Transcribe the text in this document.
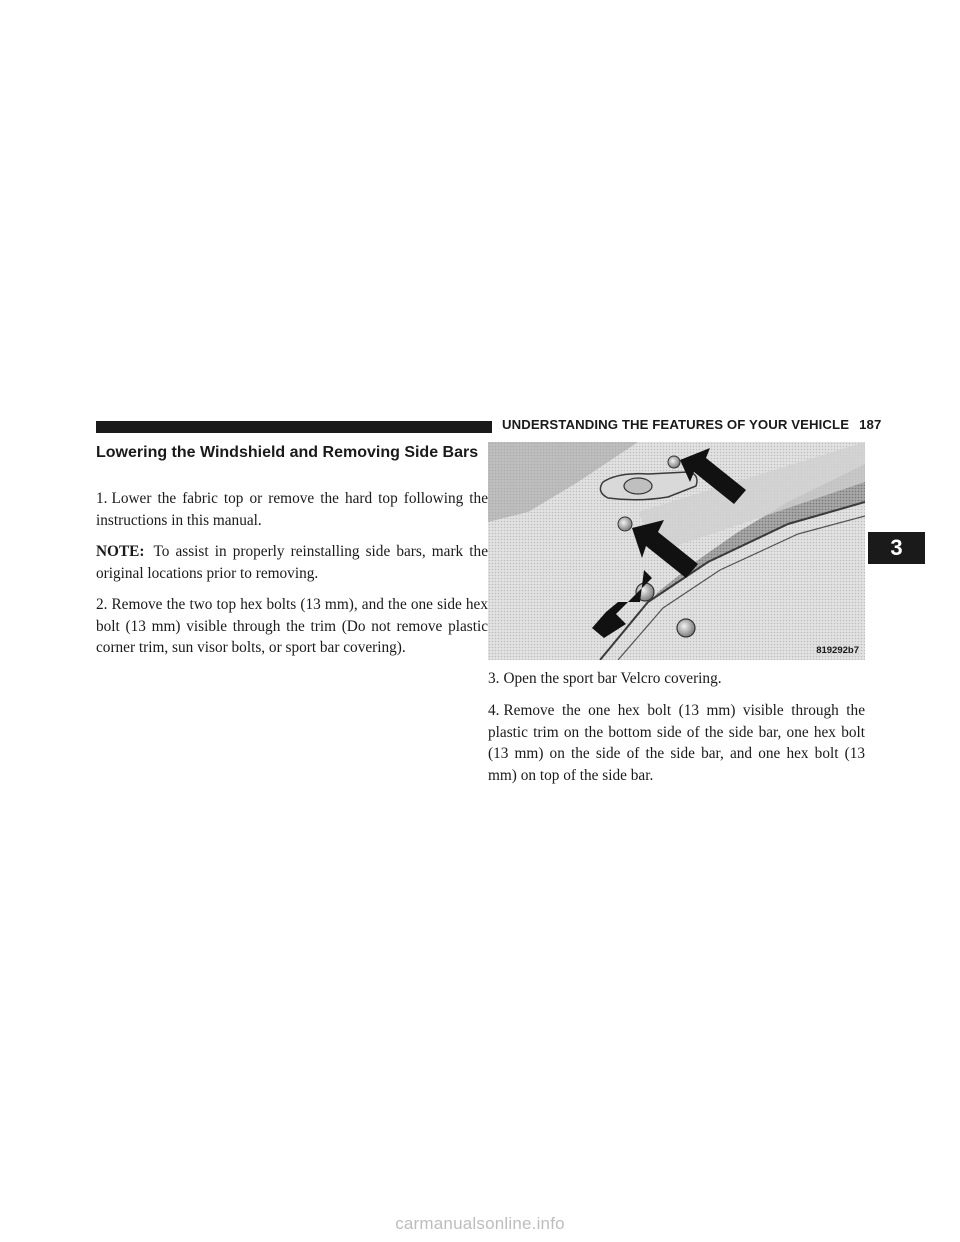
UNDERSTANDING THE FEATURES OF YOUR VEHICLE 187
3
Lowering the Windshield and Removing Side Bars

1. Lower the fabric top or remove the hard top following the instructions in this manual.

NOTE: To assist in properly reinstalling side bars, mark the original locations prior to removing.

2. Remove the two top hex bolts (13 mm), and the one side hex bolt (13 mm) visible through the trim (Do not remove plastic corner trim, sun visor bolts, or sport bar covering).	819292b7

3. Open the sport bar Velcro covering.

4. Remove the one hex bolt (13 mm) visible through the plastic trim on the bottom side of the side bar, one hex bolt (13 mm) on the side of the side bar, and one hex bolt (13 mm) on top of the side bar.

carmanualsonline.info
